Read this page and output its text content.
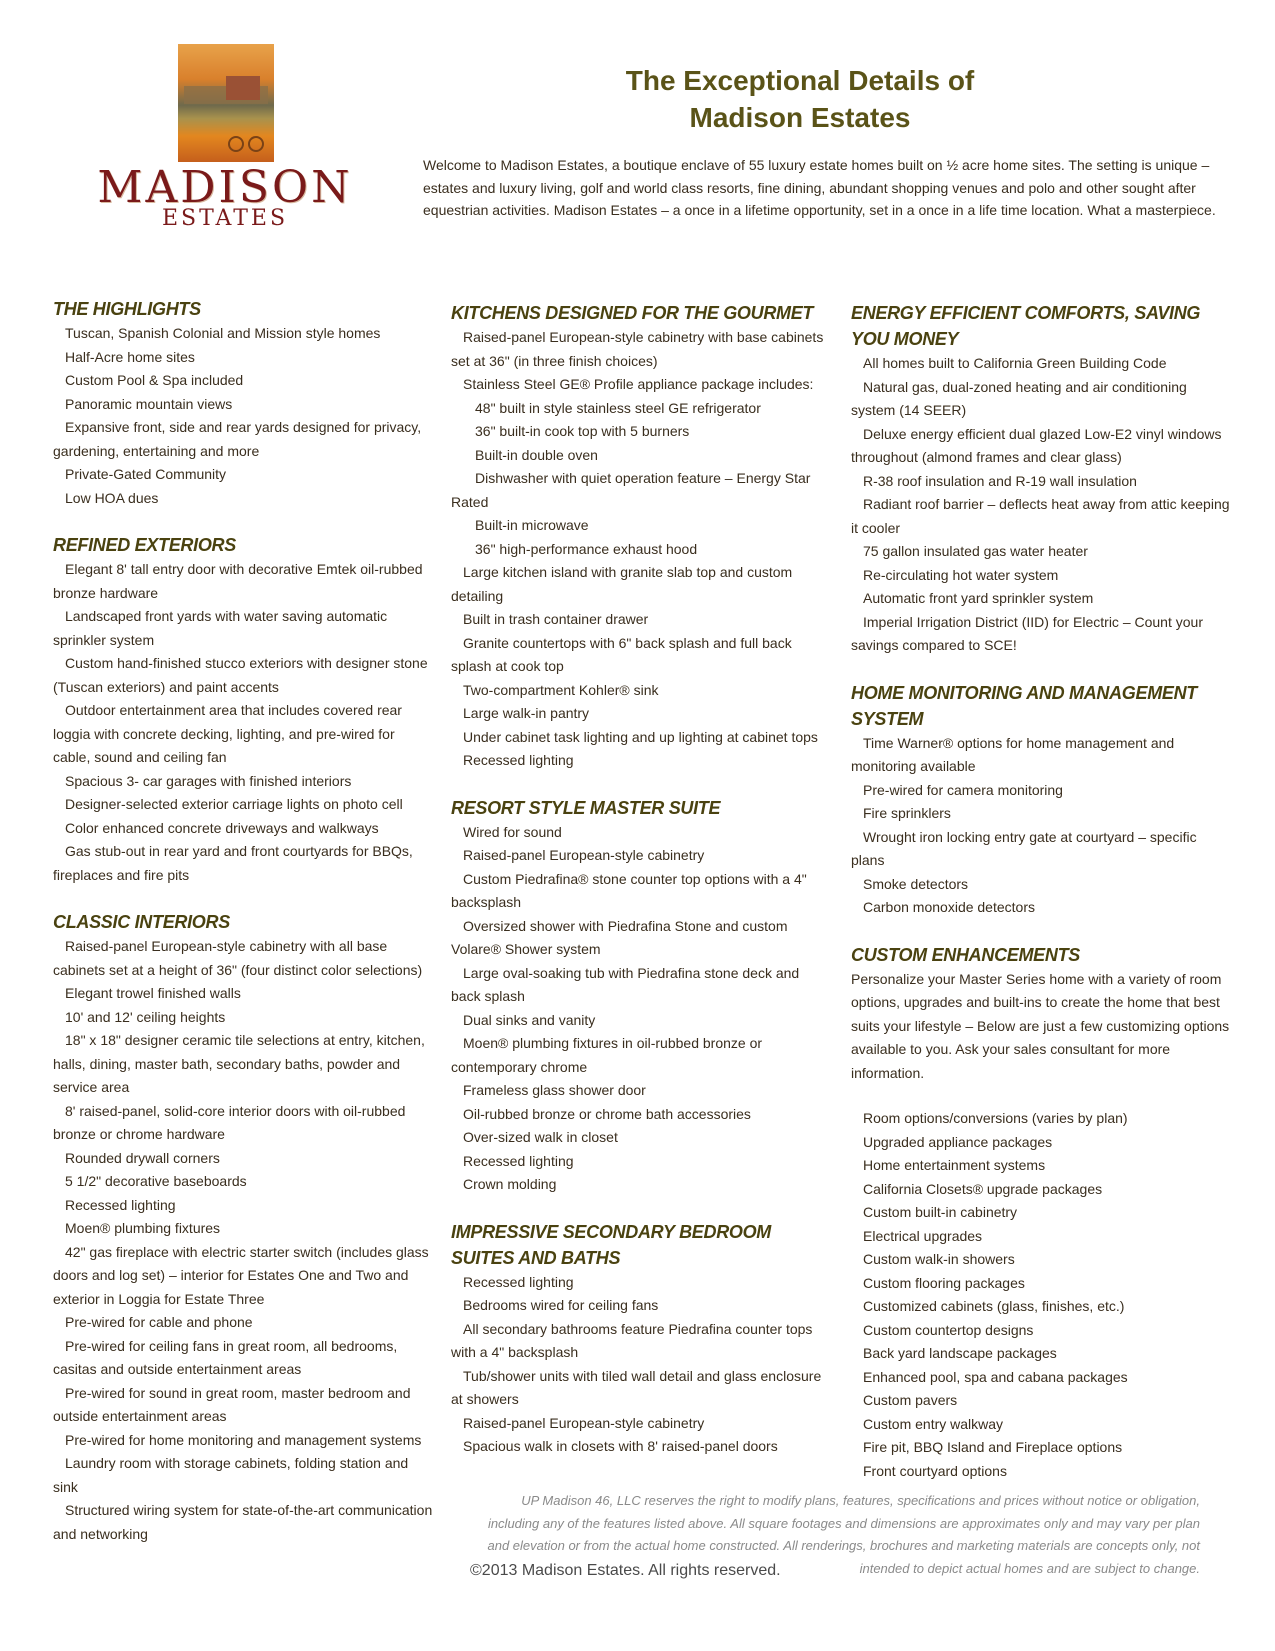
MADISON
ESTATES
The Exceptional Details of
Madison Estates
Welcome to Madison Estates, a boutique enclave of 55 luxury estate homes built on ½ acre home sites. The setting is unique – estates and luxury living, golf and world class resorts, fine dining, abundant shopping venues and polo and other sought after equestrian activities. Madison Estates – a once in a lifetime opportunity, set in a once in a life time location. What a masterpiece.
THE HIGHLIGHTS
Tuscan, Spanish Colonial and Mission style homes
Half-Acre home sites
Custom Pool & Spa included
Panoramic mountain views
Expansive front, side and rear yards designed for privacy, gardening, entertaining and more
Private-Gated Community
Low HOA dues
REFINED EXTERIORS
Elegant 8' tall entry door with decorative Emtek oil-rubbed bronze hardware
Landscaped front yards with water saving automatic sprinkler system
Custom hand-finished stucco exteriors with designer stone (Tuscan exteriors) and paint accents
Outdoor entertainment area that includes covered rear loggia with concrete decking, lighting, and pre-wired for cable, sound and ceiling fan
Spacious 3- car garages with finished interiors
Designer-selected exterior carriage lights on photo cell
Color enhanced concrete driveways and walkways
Gas stub-out in rear yard and front courtyards for BBQs, fireplaces and fire pits
CLASSIC INTERIORS
Raised-panel European-style cabinetry with all base cabinets set at a height of 36" (four distinct color selections)
Elegant trowel finished walls
10' and 12' ceiling heights
18" x 18" designer ceramic tile selections at entry, kitchen, halls, dining, master bath, secondary baths, powder and service area
8' raised-panel, solid-core interior doors with oil-rubbed bronze or chrome hardware
Rounded drywall corners
5 1/2" decorative baseboards
Recessed lighting
Moen® plumbing fixtures
42" gas fireplace with electric starter switch (includes glass doors and log set) – interior for Estates One and Two and exterior in Loggia for Estate Three
Pre-wired for cable and phone
Pre-wired for ceiling fans in great room, all bedrooms, casitas and outside entertainment areas
Pre-wired for sound in great room, master bedroom and outside entertainment areas
Pre-wired for home monitoring and management systems
Laundry room with storage cabinets, folding station and sink
Structured wiring system for state-of-the-art communication and networking
KITCHENS DESIGNED FOR THE GOURMET
Raised-panel European-style cabinetry with base cabinets set at 36" (in three finish choices)
Stainless Steel GE® Profile appliance package includes:
48" built in style stainless steel GE refrigerator
36" built-in cook top with 5 burners
Built-in double oven
Dishwasher with quiet operation feature – Energy Star Rated
Built-in microwave
36" high-performance exhaust hood
Large kitchen island with granite slab top and custom detailing
Built in trash container drawer
Granite countertops with 6" back splash and full back splash at cook top
Two-compartment Kohler® sink
Large walk-in pantry
Under cabinet task lighting and up lighting at cabinet tops
Recessed lighting
RESORT STYLE MASTER SUITE
Wired for sound
Raised-panel European-style cabinetry
Custom Piedrafina® stone counter top options with a 4" backsplash
Oversized shower with Piedrafina Stone and custom Volare® Shower system
Large oval-soaking tub with Piedrafina stone deck and back splash
Dual sinks and vanity
Moen® plumbing fixtures in oil-rubbed bronze or contemporary chrome
Frameless glass shower door
Oil-rubbed bronze or chrome bath accessories
Over-sized walk in closet
Recessed lighting
Crown molding
IMPRESSIVE SECONDARY BEDROOM SUITES AND BATHS
Recessed lighting
Bedrooms wired for ceiling fans
All secondary bathrooms feature Piedrafina counter tops with a 4" backsplash
Tub/shower units with tiled wall detail and glass enclosure at showers
Raised-panel European-style cabinetry
Spacious walk in closets with 8' raised-panel doors
ENERGY EFFICIENT COMFORTS, SAVING YOU MONEY
All homes built to California Green Building Code
Natural gas, dual-zoned heating and air conditioning system (14 SEER)
Deluxe energy efficient dual glazed Low-E2 vinyl windows throughout (almond frames and clear glass)
R-38 roof insulation and R-19 wall insulation
Radiant roof barrier – deflects heat away from attic keeping it cooler
75 gallon insulated gas water heater
Re-circulating hot water system
Automatic front yard sprinkler system
Imperial Irrigation District (IID) for Electric – Count your savings compared to SCE!
HOME MONITORING AND MANAGEMENT SYSTEM
Time Warner® options for home management and monitoring available
Pre-wired for camera monitoring
Fire sprinklers
Wrought iron locking entry gate at courtyard – specific plans
Smoke detectors
Carbon monoxide detectors
CUSTOM ENHANCEMENTS
Personalize your Master Series home with a variety of room options, upgrades and built-ins to create the home that best suits your lifestyle – Below are just a few customizing options available to you. Ask your sales consultant for more information.
Room options/conversions (varies by plan)
Upgraded appliance packages
Home entertainment systems
California Closets® upgrade packages
Custom built-in cabinetry
Electrical upgrades
Custom walk-in showers
Custom flooring packages
Customized cabinets (glass, finishes, etc.)
Custom countertop designs
Back yard landscape packages
Enhanced pool, spa and cabana packages
Custom pavers
Custom entry walkway
Fire pit, BBQ Island and Fireplace options
Front courtyard options
UP Madison 46, LLC reserves the right to modify plans, features, specifications and prices without notice or obligation, including any of the features listed above. All square footages and dimensions are approximates only and may vary per plan and elevation or from the actual home constructed. All renderings, brochures and marketing materials are concepts only, not intended to depict actual homes and are subject to change.
©2013 Madison Estates. All rights reserved.
